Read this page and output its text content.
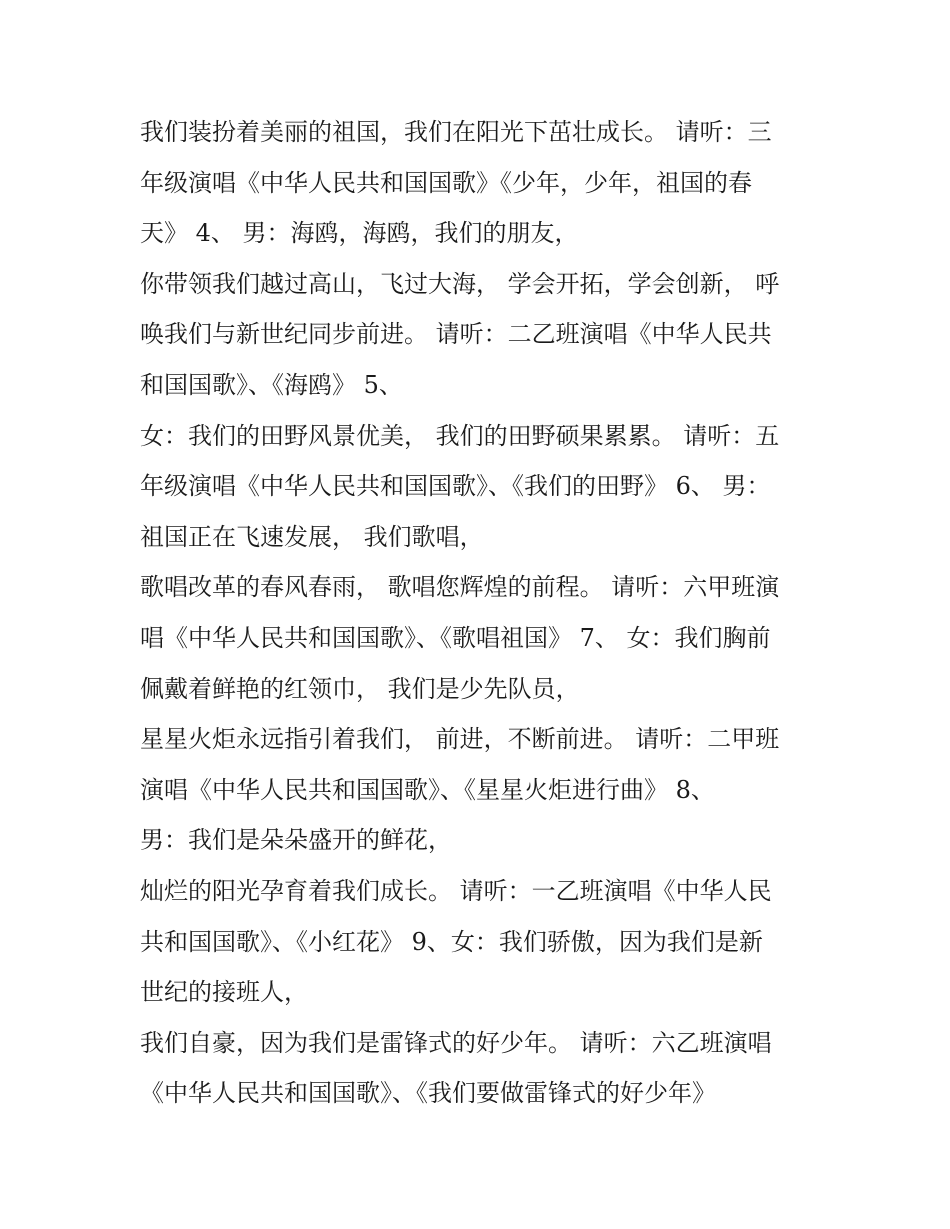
我们装扮着美丽的祖国，我们在阳光下茁壮成长。 请听：三
年级演唱《中华人民共和国国歌》《少年，少年，祖国的春
天》 4、 男：海鸥，海鸥，我们的朋友，
你带领我们越过高山，飞过大海， 学会开拓，学会创新， 呼
唤我们与新世纪同步前进。 请听：二乙班演唱《中华人民共
和国国歌》、《海鸥》 5、
女：我们的田野风景优美， 我们的田野硕果累累。 请听：五
年级演唱《中华人民共和国国歌》、《我们的田野》 6、 男：
祖国正在飞速发展， 我们歌唱，
歌唱改革的春风春雨， 歌唱您辉煌的前程。 请听：六甲班演
唱《中华人民共和国国歌》、《歌唱祖国》 7、 女：我们胸前
佩戴着鲜艳的红领巾， 我们是少先队员，
星星火炬永远指引着我们， 前进，不断前进。 请听：二甲班
演唱《中华人民共和国国歌》、《星星火炬进行曲》 8、
男：我们是朵朵盛开的鲜花，
灿烂的阳光孕育着我们成长。 请听：一乙班演唱《中华人民
共和国国歌》、《小红花》 9、女：我们骄傲，因为我们是新
世纪的接班人，
我们自豪，因为我们是雷锋式的好少年。 请听：六乙班演唱
《中华人民共和国国歌》、《我们要做雷锋式的好少年》
